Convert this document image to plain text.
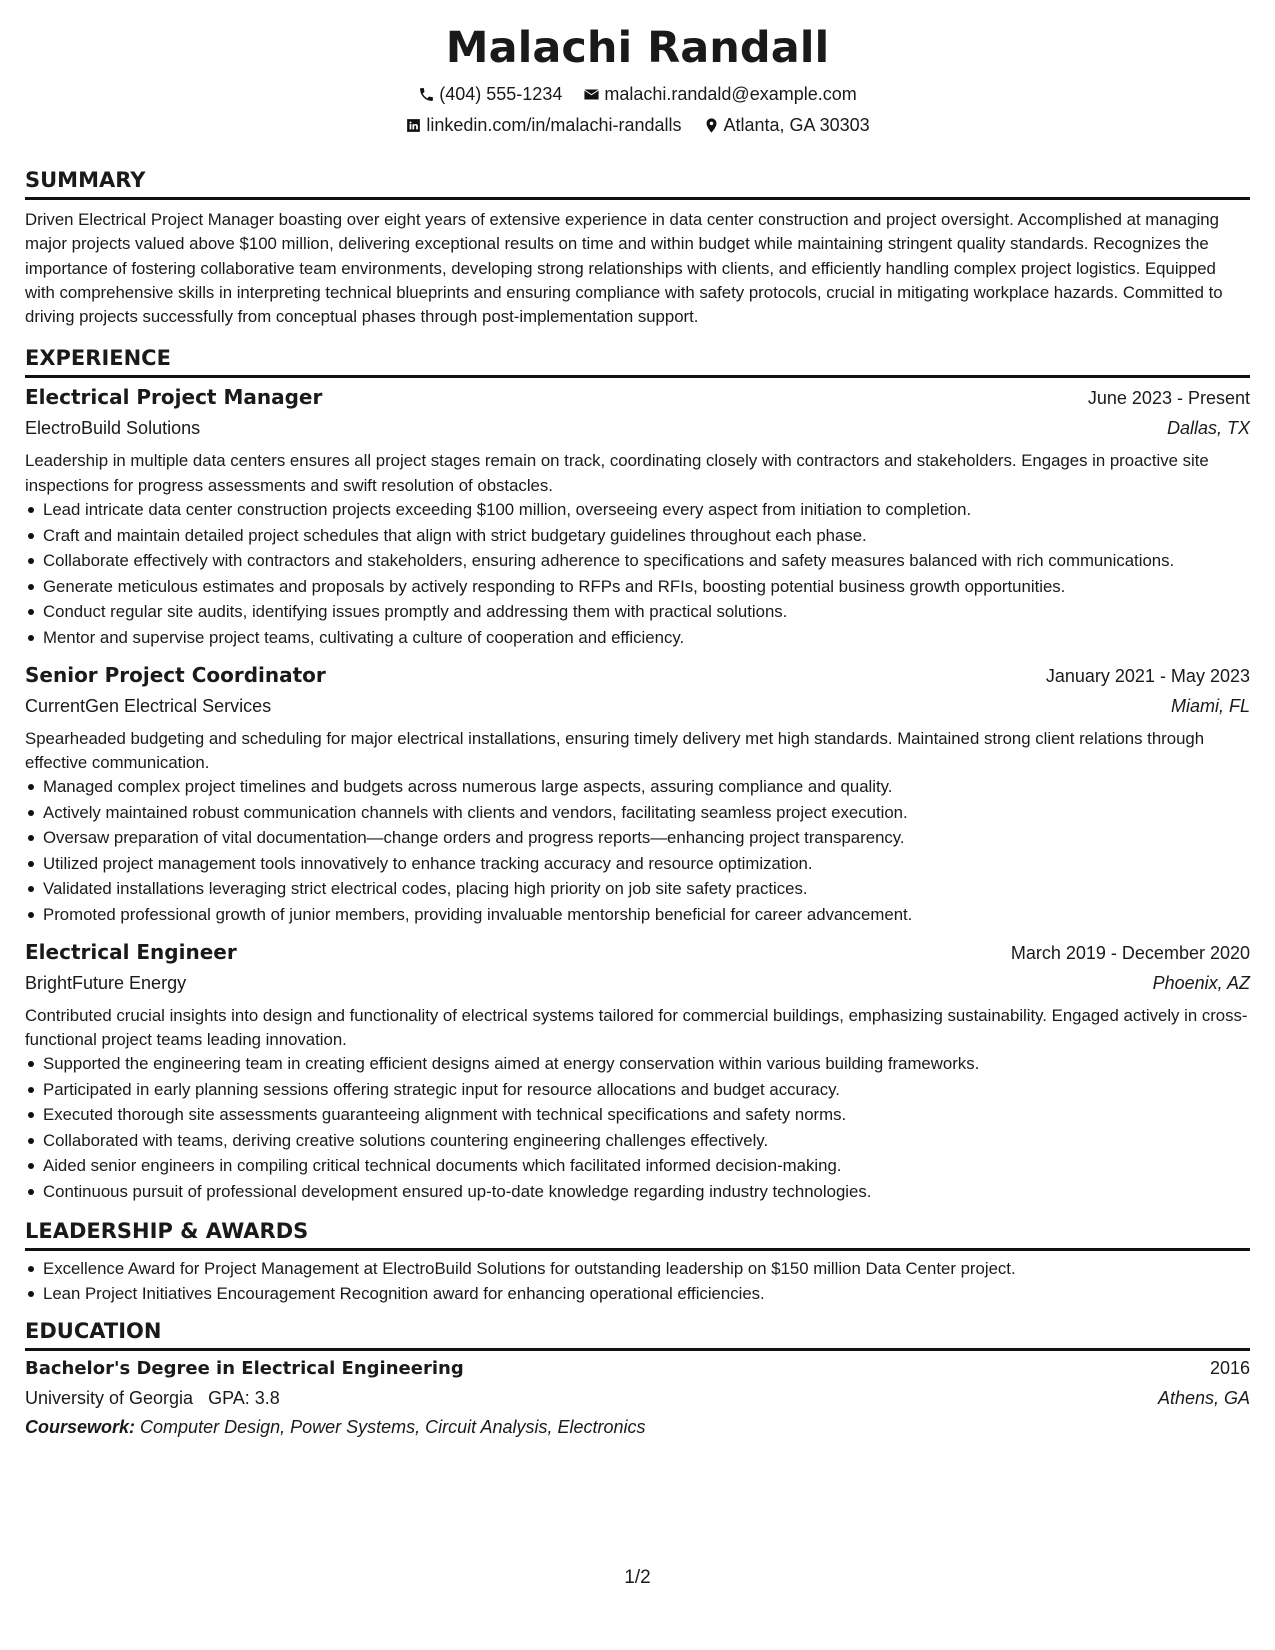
Malachi Randall
(404) 555-1234
malachi.randald@example.com
linkedin.com/in/malachi-randalls
Atlanta, GA 30303
SUMMARY

Driven Electrical Project Manager boasting over eight years of extensive experience in data center construction and project oversight. Accomplished at managing major projects valued above $100 million, delivering exceptional results on time and within budget while maintaining stringent quality standards. Recognizes the importance of fostering collaborative team environments, developing strong relationships with clients, and efficiently handling complex project logistics. Equipped with comprehensive skills in interpreting technical blueprints and ensuring compliance with safety protocols, crucial in mitigating workplace hazards. Committed to driving projects successfully from conceptual phases through post-implementation support.

EXPERIENCE
Electrical Project Manager	June 2023 - Present
ElectroBuild Solutions	Dallas, TX

Leadership in multiple data centers ensures all project stages remain on track, coordinating closely with contractors and stakeholders. Engages in proactive site inspections for progress assessments and swift resolution of obstacles.

Lead intricate data center construction projects exceeding $100 million, overseeing every aspect from initiation to completion.
Craft and maintain detailed project schedules that align with strict budgetary guidelines throughout each phase.
Collaborate effectively with contractors and stakeholders, ensuring adherence to specifications and safety measures balanced with rich communications.
Generate meticulous estimates and proposals by actively responding to RFPs and RFIs, boosting potential business growth opportunities.
Conduct regular site audits, identifying issues promptly and addressing them with practical solutions.
Mentor and supervise project teams, cultivating a culture of cooperation and efficiency.
Senior Project Coordinator	January 2021 - May 2023
CurrentGen Electrical Services	Miami, FL

Spearheaded budgeting and scheduling for major electrical installations, ensuring timely delivery met high standards. Maintained strong client relations through effective communication.

Managed complex project timelines and budgets across numerous large aspects, assuring compliance and quality.
Actively maintained robust communication channels with clients and vendors, facilitating seamless project execution.
Oversaw preparation of vital documentation—change orders and progress reports—enhancing project transparency.
Utilized project management tools innovatively to enhance tracking accuracy and resource optimization.
Validated installations leveraging strict electrical codes, placing high priority on job site safety practices.
Promoted professional growth of junior members, providing invaluable mentorship beneficial for career advancement.
Electrical Engineer	March 2019 - December 2020
BrightFuture Energy	Phoenix, AZ

Contributed crucial insights into design and functionality of electrical systems tailored for commercial buildings, emphasizing sustainability. Engaged actively in cross-functional project teams leading innovation.

Supported the engineering team in creating efficient designs aimed at energy conservation within various building frameworks.
Participated in early planning sessions offering strategic input for resource allocations and budget accuracy.
Executed thorough site assessments guaranteeing alignment with technical specifications and safety norms.
Collaborated with teams, deriving creative solutions countering engineering challenges effectively.
Aided senior engineers in compiling critical technical documents which facilitated informed decision-making.
Continuous pursuit of professional development ensured up-to-date knowledge regarding industry technologies.
LEADERSHIP & AWARDS
Excellence Award for Project Management at ElectroBuild Solutions for outstanding leadership on $150 million Data Center project.
Lean Project Initiatives Encouragement Recognition award for enhancing operational efficiencies.
EDUCATION
Bachelor's Degree in Electrical Engineering	2016
University of Georgia GPA: 3.8	Athens, GA
Coursework: Computer Design, Power Systems, Circuit Analysis, Electronics
1/2
